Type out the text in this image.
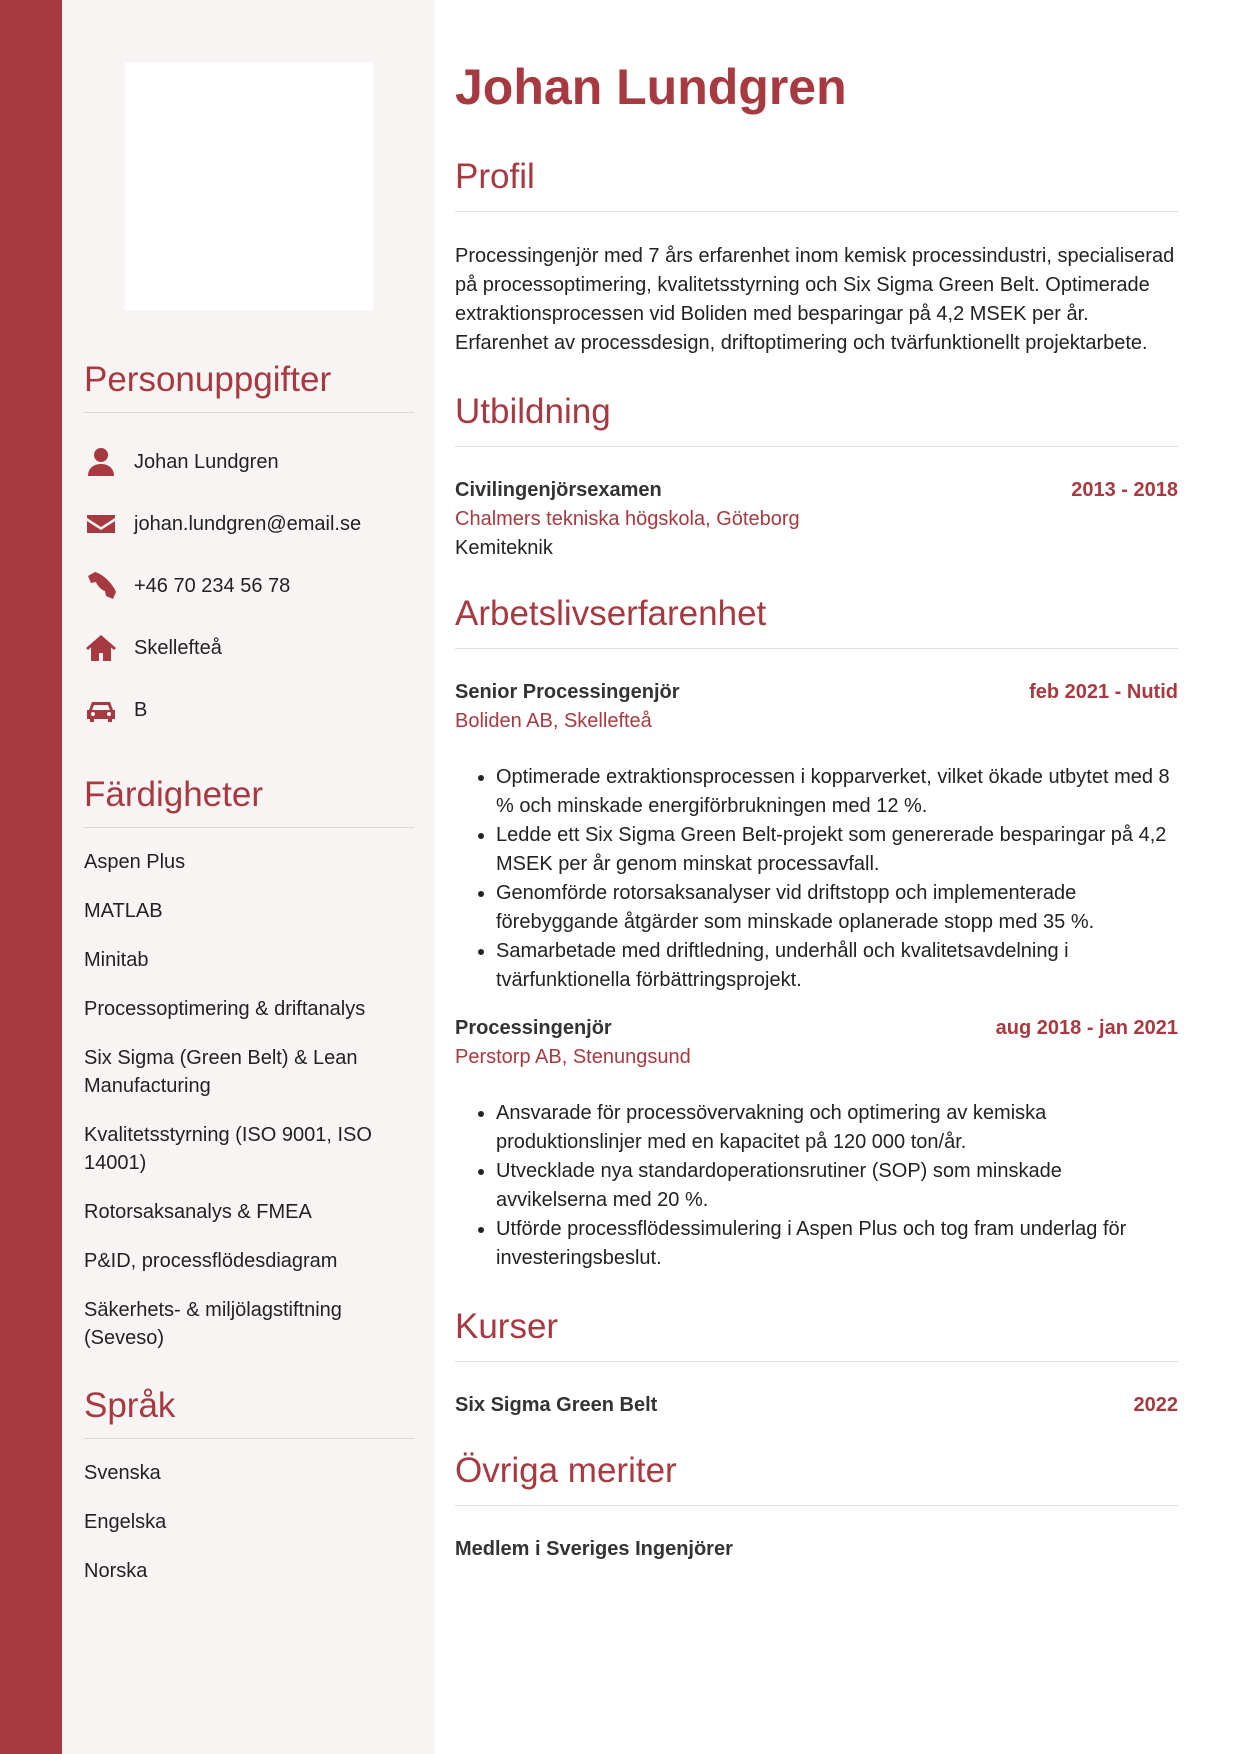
Personuppgifter
Johan Lundgren
johan.lundgren@email.se
+46 70 234 56 78
Skellefteå
B
Färdigheter
Aspen Plus
MATLAB
Minitab
Processoptimering & driftanalys
Six Sigma (Green Belt) & Lean Manufacturing
Kvalitetsstyrning (ISO 9001, ISO 14001)
Rotorsaksanalys & FMEA
P&ID, processflödesdiagram
Säkerhets- & miljölagstiftning (Seveso)
Språk
Svenska
Engelska
Norska
Johan Lundgren
Profil

Processingenjör med 7 års erfarenhet inom kemisk processindustri, specialiserad på processoptimering, kvalitetsstyrning och Six Sigma Green Belt. Optimerade extraktionsprocessen vid Boliden med besparingar på 4,2 MSEK per år. Erfarenhet av processdesign, driftoptimering och tvärfunktionellt projektarbete.

Utbildning
Civilingenjörsexamen	2013 - 2018
Chalmers tekniska högskola, Göteborg
Kemiteknik
Arbetslivserfarenhet
Senior Processingenjör	feb 2021 - Nutid
Boliden AB, Skellefteå
• Optimerade extraktionsprocessen i kopparverket, vilket ökade utbytet med 8 % och minskade energiförbrukningen med 12 %.
• Ledde ett Six Sigma Green Belt-projekt som genererade besparingar på 4,2 MSEK per år genom minskat processavfall.
• Genomförde rotorsaksanalyser vid driftstopp och implementerade förebyggande åtgärder som minskade oplanerade stopp med 35 %.
• Samarbetade med driftledning, underhåll och kvalitetsavdelning i tvärfunktionella förbättringsprojekt.
Processingenjör	aug 2018 - jan 2021
Perstorp AB, Stenungsund
• Ansvarade för processövervakning och optimering av kemiska produktionslinjer med en kapacitet på 120 000 ton/år.
• Utvecklade nya standardoperationsrutiner (SOP) som minskade avvikelserna med 20 %.
• Utförde processflödessimulering i Aspen Plus och tog fram underlag för investeringsbeslut.
Kurser
Six Sigma Green Belt	2022
Övriga meriter
Medlem i Sveriges Ingenjörer
